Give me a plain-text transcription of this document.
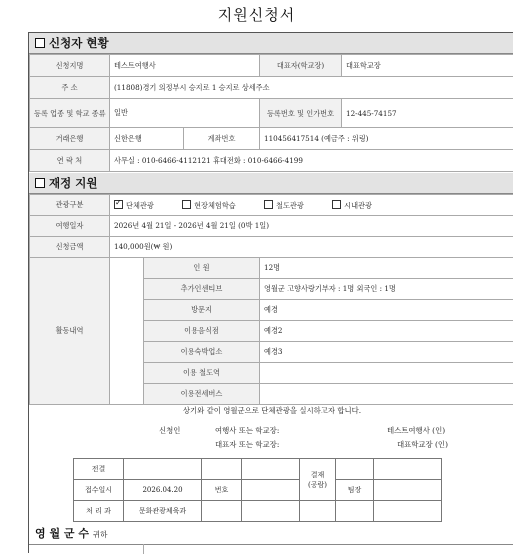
지원신청서
신청자 현황
신청지명	테스트여행사		대표자(학교장)	대표학교장
주 소	(11808)경기 의정부시 승지로 1 승지로 상세주소			
등록 업종 및 학교 종류	일반		등록번호 및 인가번호	12-445-74157
거래은행	신한은행	계좌번호	110456417514 (예금주 : 위링)	
연 락 처	사무실 : 010-6466-4112121 휴대전화 : 010-6466-4199			
재정 지원
관광구분	✓단체관광 현장체험학습 철도관광 시내관광
여행일자	2026년 4월 21일 - 2026년 4월 21일 (0박 1일)		
신청금액	140,000원(₩ 원)		
활동내역		인 원	12명
		추가인센티브	영월군 고향사랑기부자 : 1명 외국인 : 1명
		방문지	예경
		이용음식점	예경2
		이용숙박업소	예경3
		이용 철도역	
		이용전세버스	
상기와 같이 영월군으로 단체관광을 실시하고자 합니다.
신청인	여행사 또는 학교장:	테스트여행사 (인)
대표자 또는 학교장:	대표학교장 (인)
전결				결재
(공람)		
접수일시	2026.04.20	번호			팀장	
처 리 과	문화관광체육과					
영 월 군 수 귀하
